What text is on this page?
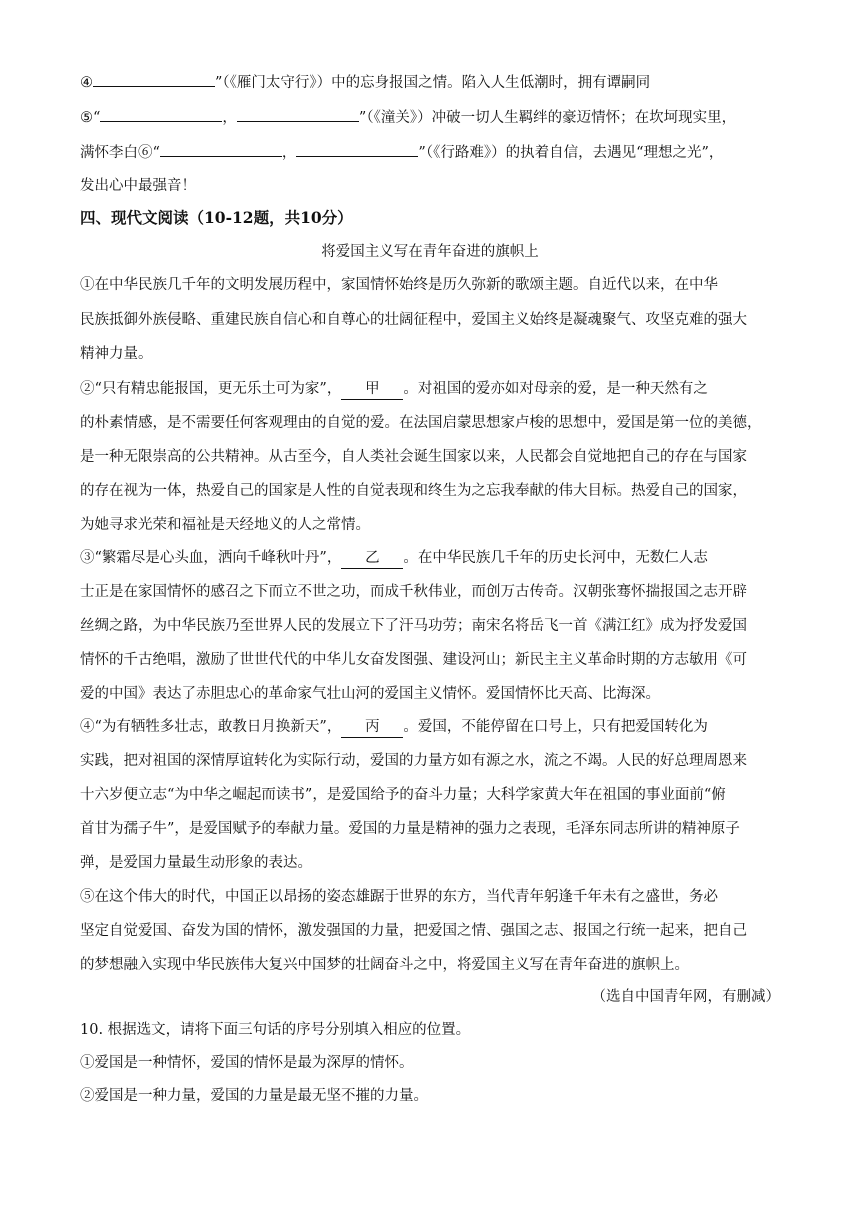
④	”（《雁门太守行》）中的忘身报国之情。陷入人生低潮时，拥有谭嗣同
⑤“	，	”（《潼关》）冲破一切人生羁绊的豪迈情怀；在坎坷现实里，
满怀李白⑥“	，	”（《行路难》）的执着自信，去遇见“理想之光”，
发出心中最强音！
四、现代文阅读（10-12题，共10分）
将爱国主义写在青年奋进的旗帜上
①在中华民族几千年的文明发展历程中，家国情怀始终是历久弥新的歌颂主题。自近代以来，在中华
民族抵御外族侵略、重建民族自信心和自尊心的壮阔征程中，爱国主义始终是凝魂聚气、攻坚克难的强大
精神力量。
②“只有精忠能报国，更无乐土可为家”， 甲 。对祖国的爱亦如对母亲的爱，是一种天然有之
的朴素情感，是不需要任何客观理由的自觉的爱。在法国启蒙思想家卢梭的思想中，爱国是第一位的美德，
是一种无限崇高的公共精神。从古至今，自人类社会诞生国家以来，人民都会自觉地把自己的存在与国家
的存在视为一体，热爱自己的国家是人性的自觉表现和终生为之忘我奉献的伟大目标。热爱自己的国家，
为她寻求光荣和福祉是天经地义的人之常情。
③“繁霜尽是心头血，洒向千峰秋叶丹”， 乙 。在中华民族几千年的历史长河中，无数仁人志
士正是在家国情怀的感召之下而立不世之功，而成千秋伟业，而创万古传奇。汉朝张骞怀揣报国之志开辟
丝绸之路，为中华民族乃至世界人民的发展立下了汗马功劳；南宋名将岳飞一首《满江红》成为抒发爱国
情怀的千古绝唱，激励了世世代代的中华儿女奋发图强、建设河山；新民主主义革命时期的方志敏用《可
爱的中国》表达了赤胆忠心的革命家气壮山河的爱国主义情怀。爱国情怀比天高、比海深。
④“为有牺牲多壮志，敢教日月换新天”， 丙 。爱国，不能停留在口号上，只有把爱国转化为
实践，把对祖国的深情厚谊转化为实际行动，爱国的力量方如有源之水，流之不竭。人民的好总理周恩来
十六岁便立志“为中华之崛起而读书”，是爱国给予的奋斗力量；大科学家黄大年在祖国的事业面前“俯
首甘为孺子牛”，是爱国赋予的奉献力量。爱国的力量是精神的强力之表现，毛泽东同志所讲的精神原子
弹，是爱国力量最生动形象的表达。
⑤在这个伟大的时代，中国正以昂扬的姿态雄踞于世界的东方，当代青年躬逢千年未有之盛世，务必
坚定自觉爱国、奋发为国的情怀，激发强国的力量，把爱国之情、强国之志、报国之行统一起来，把自己
的梦想融入实现中华民族伟大复兴中国梦的壮阔奋斗之中，将爱国主义写在青年奋进的旗帜上。
（选自中国青年网，有删减）
10. 根据选文，请将下面三句话的序号分别填入相应的位置。
①爱国是一种情怀，爱国的情怀是最为深厚的情怀。
②爱国是一种力量，爱国的力量是最无坚不摧的力量。
